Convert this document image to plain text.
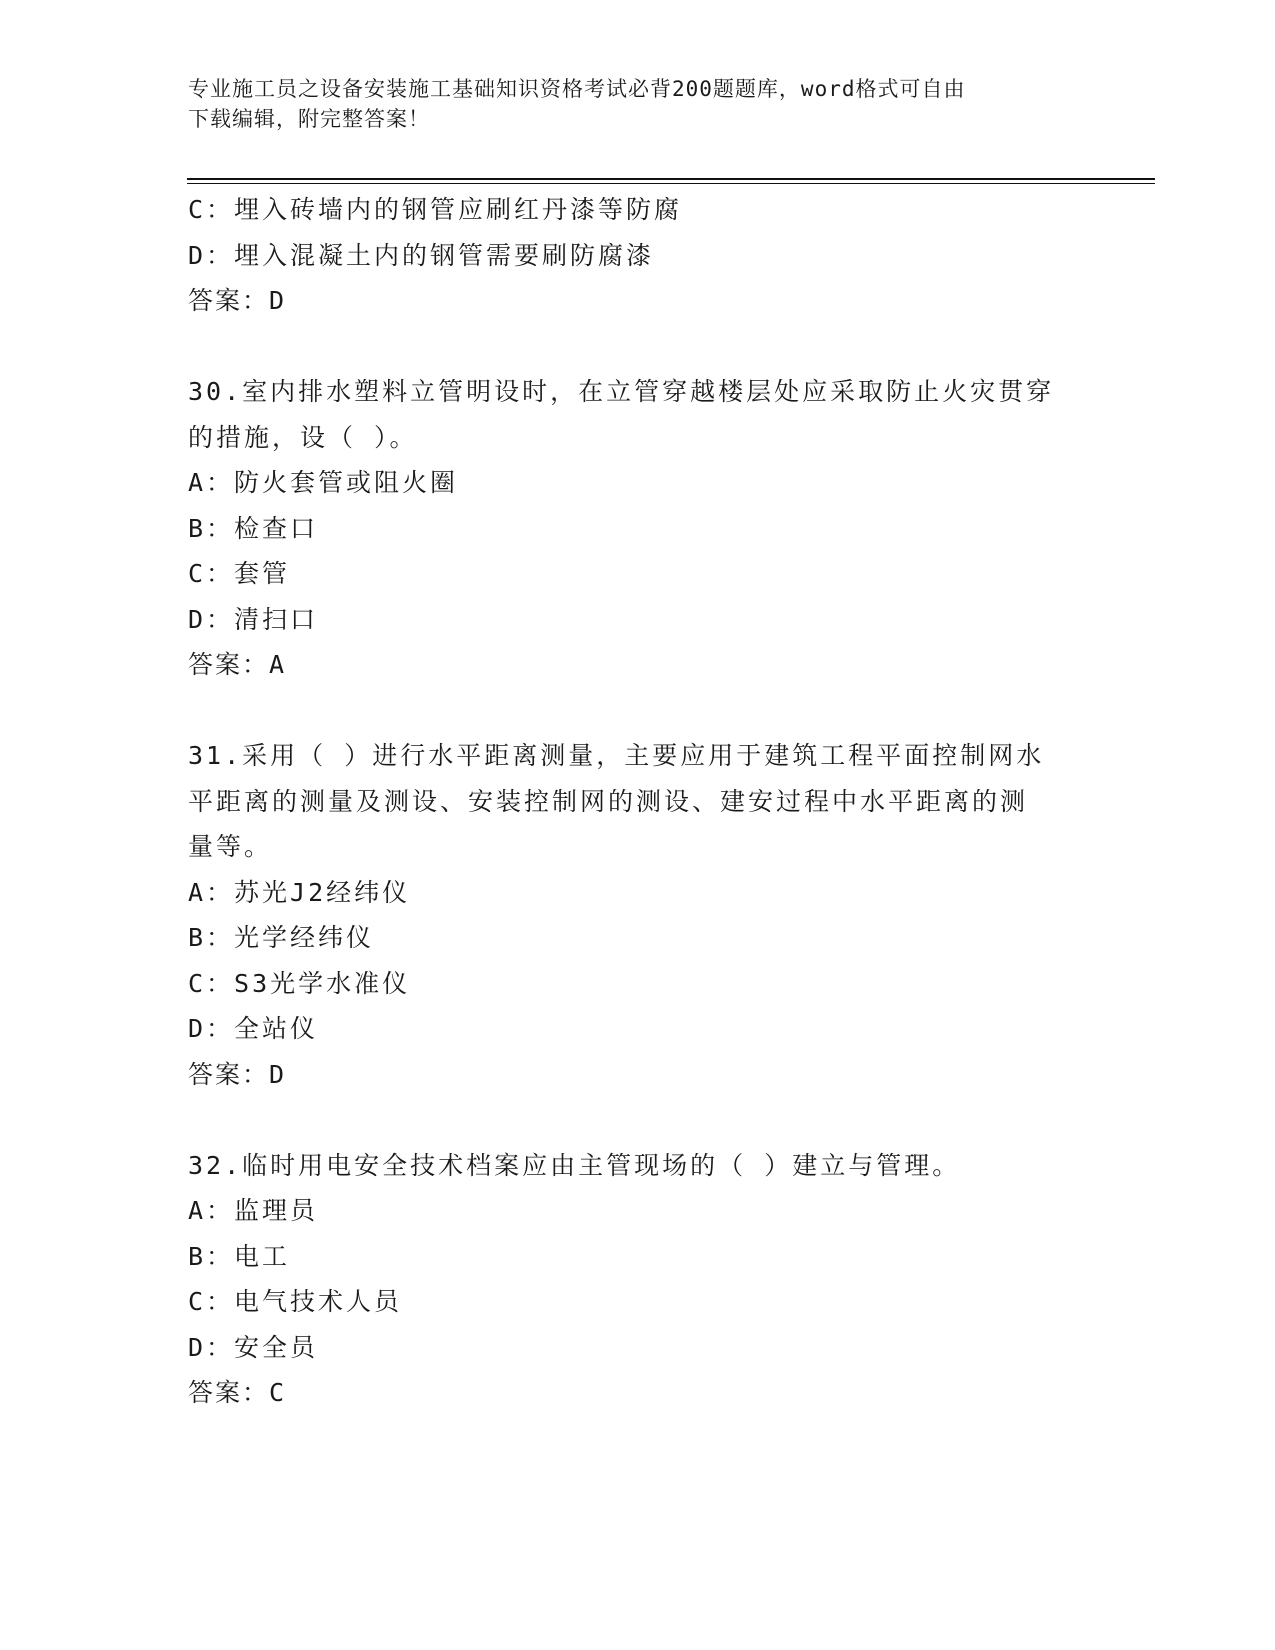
专业施工员之设备安装施工基础知识资格考试必背200题题库，word格式可自由
下载编辑，附完整答案！
C：埋入砖墙内的钢管应刷红丹漆等防腐
D：埋入混凝土内的钢管需要刷防腐漆
答案：D
30.室内排水塑料立管明设时，在立管穿越楼层处应采取防止火灾贯穿
的措施，设（ ）。
A：防火套管或阻火圈
B：检查口
C：套管
D：清扫口
答案：A
31.采用（ ）进行水平距离测量，主要应用于建筑工程平面控制网水
平距离的测量及测设、安装控制网的测设、建安过程中水平距离的测
量等。
A：苏光J2经纬仪
B：光学经纬仪
C：S3光学水准仪
D：全站仪
答案：D
32.临时用电安全技术档案应由主管现场的（ ）建立与管理。
A：监理员
B：电工
C：电气技术人员
D：安全员
答案：C
